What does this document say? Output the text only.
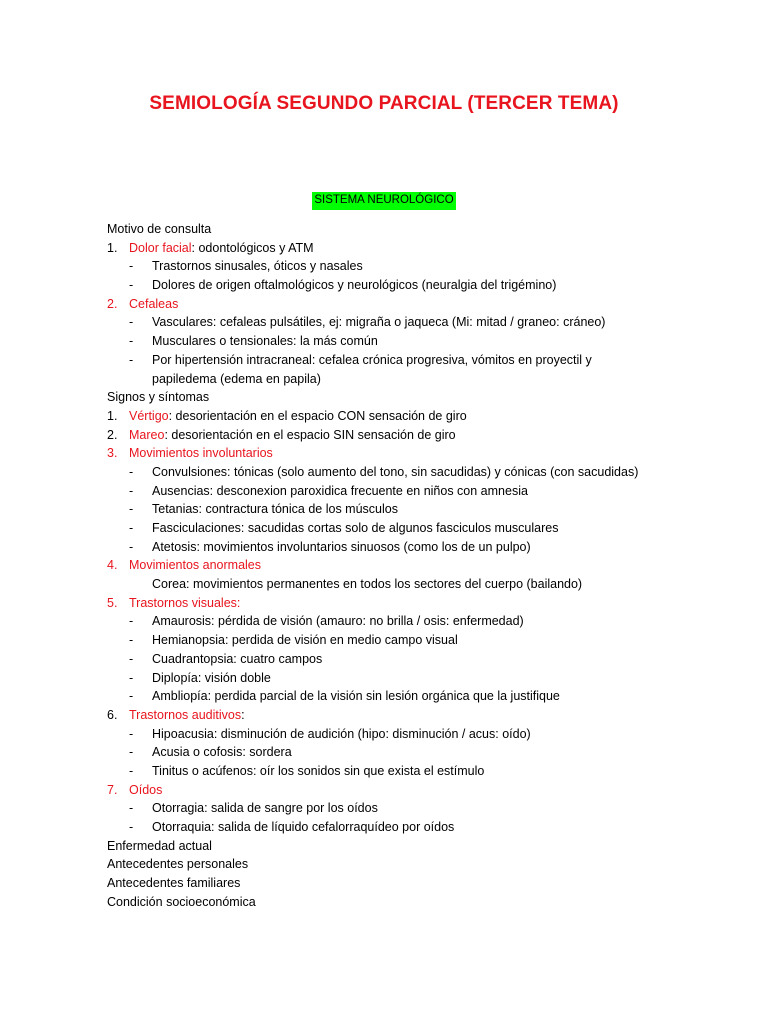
SEMIOLOGÍA SEGUNDO PARCIAL (TERCER TEMA)
SISTEMA NEUROLÓGICO
Motivo de consulta
1. Dolor facial: odontológicos y ATM
- Trastornos sinusales, óticos y nasales
- Dolores de origen oftalmológicos y neurológicos (neuralgia del trigémino)
2. Cefaleas
- Vasculares: cefaleas pulsátiles, ej: migraña o jaqueca (Mi: mitad / graneo: cráneo)
- Musculares o tensionales: la más común
- Por hipertensión intracraneal: cefalea crónica progresiva, vómitos en proyectil y
papiledema (edema en papila)
Signos y síntomas
1. Vértigo: desorientación en el espacio CON sensación de giro
2. Mareo: desorientación en el espacio SIN sensación de giro
3. Movimientos involuntarios
- Convulsiones: tónicas (solo aumento del tono, sin sacudidas) y cónicas (con sacudidas)
- Ausencias: desconexion paroxidica frecuente en niños con amnesia
- Tetanias: contractura tónica de los músculos
- Fasciculaciones: sacudidas cortas solo de algunos fasciculos musculares
- Atetosis: movimientos involuntarios sinuosos (como los de un pulpo)
4. Movimientos anormales
Corea: movimientos permanentes en todos los sectores del cuerpo (bailando)
5. Trastornos visuales:
- Amaurosis: pérdida de visión (amauro: no brilla / osis: enfermedad)
- Hemianopsia: perdida de visión en medio campo visual
- Cuadrantopsia: cuatro campos
- Diplopía: visión doble
- Ambliopía: perdida parcial de la visión sin lesión orgánica que la justifique
6. Trastornos auditivos:
- Hipoacusia: disminución de audición (hipo: disminución / acus: oído)
- Acusia o cofosis: sordera
- Tinitus o acúfenos: oír los sonidos sin que exista el estímulo
7. Oídos
- Otorragia: salida de sangre por los oídos
- Otorraquia: salida de líquido cefalorraquídeo por oídos
Enfermedad actual
Antecedentes personales
Antecedentes familiares
Condición socioeconómica
